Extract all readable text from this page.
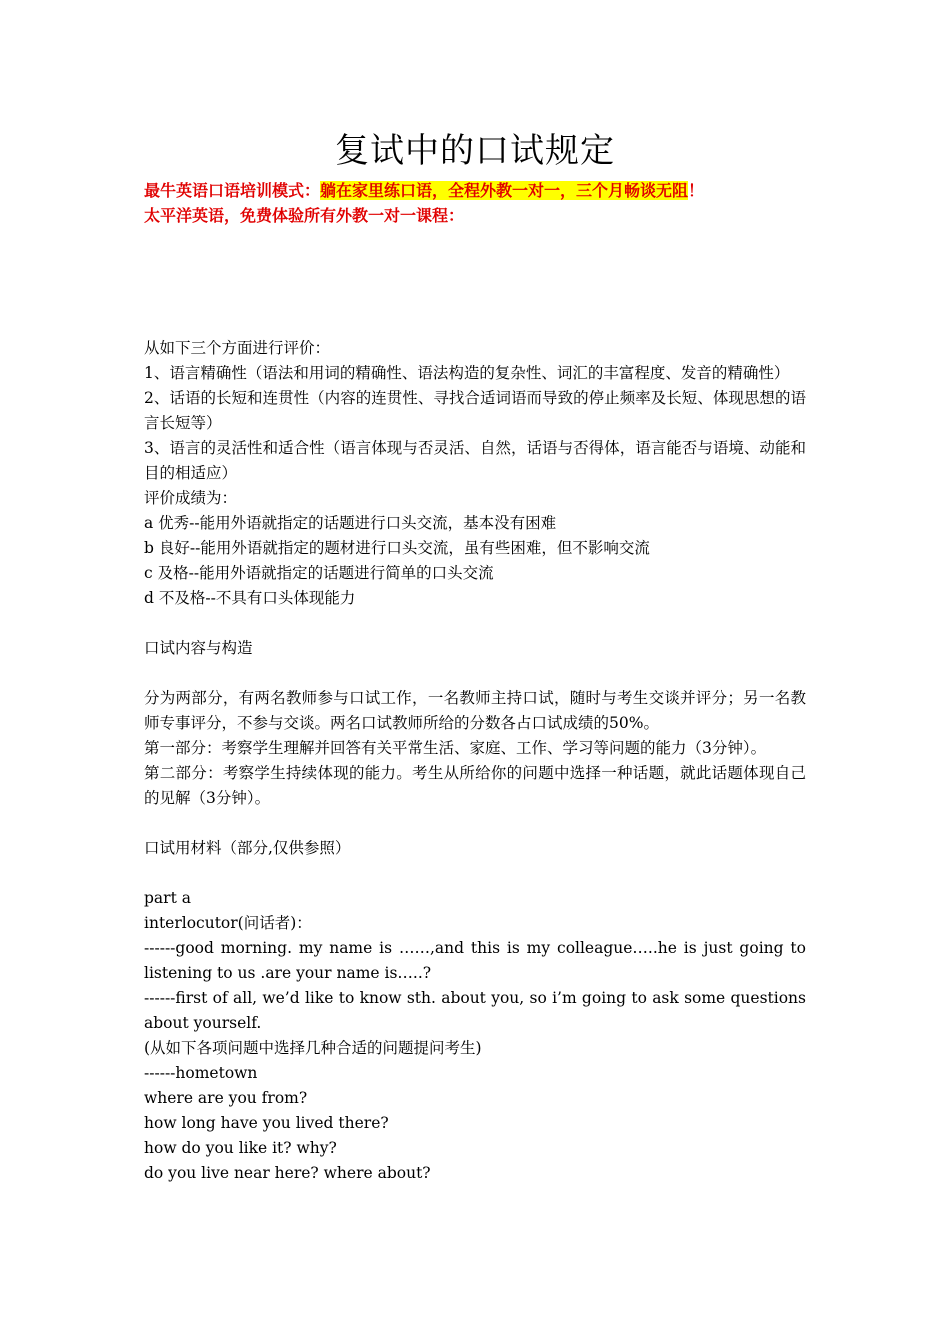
复试中的口试规定
最牛英语口语培训模式：躺在家里练口语，全程外教一对一，三个月畅谈无阻！
太平洋英语，免费体验所有外教一对一课程：

从如下三个方面进行评价：

1、语言精确性（语法和用词的精确性、语法构造的复杂性、词汇的丰富程度、发音的精确性）

2、话语的长短和连贯性（内容的连贯性、寻找合适词语而导致的停止频率及长短、体现思想的语言长短等）

3、语言的灵活性和适合性（语言体现与否灵活、自然，话语与否得体，语言能否与语境、动能和目的相适应）

评价成绩为：

a 优秀--能用外语就指定的话题进行口头交流，基本没有困难

b 良好--能用外语就指定的题材进行口头交流，虽有些困难，但不影响交流

c 及格--能用外语就指定的话题进行简单的口头交流

d 不及格--不具有口头体现能力

口试内容与构造

分为两部分，有两名教师参与口试工作，一名教师主持口试，随时与考生交谈并评分；另一名教师专事评分，不参与交谈。两名口试教师所给的分数各占口试成绩的50%。

第一部分：考察学生理解并回答有关平常生活、家庭、工作、学习等问题的能力（3分钟）。

第二部分：考察学生持续体现的能力。考生从所给你的问题中选择一种话题，就此话题体现自己的见解（3分钟）。

口试用材料（部分,仅供参照）

part a

interlocutor(问话者)：

------good morning. my name is ……,and this is my colleague…..he is just going to listening to us .are your name is…..?

------first of all, we’d like to know sth. about you, so i’m going to ask some questions about yourself.

(从如下各项问题中选择几种合适的问题提问考生)

------hometown

where are you from?

how long have you lived there?

how do you like it? why?

do you live near here? where about?
